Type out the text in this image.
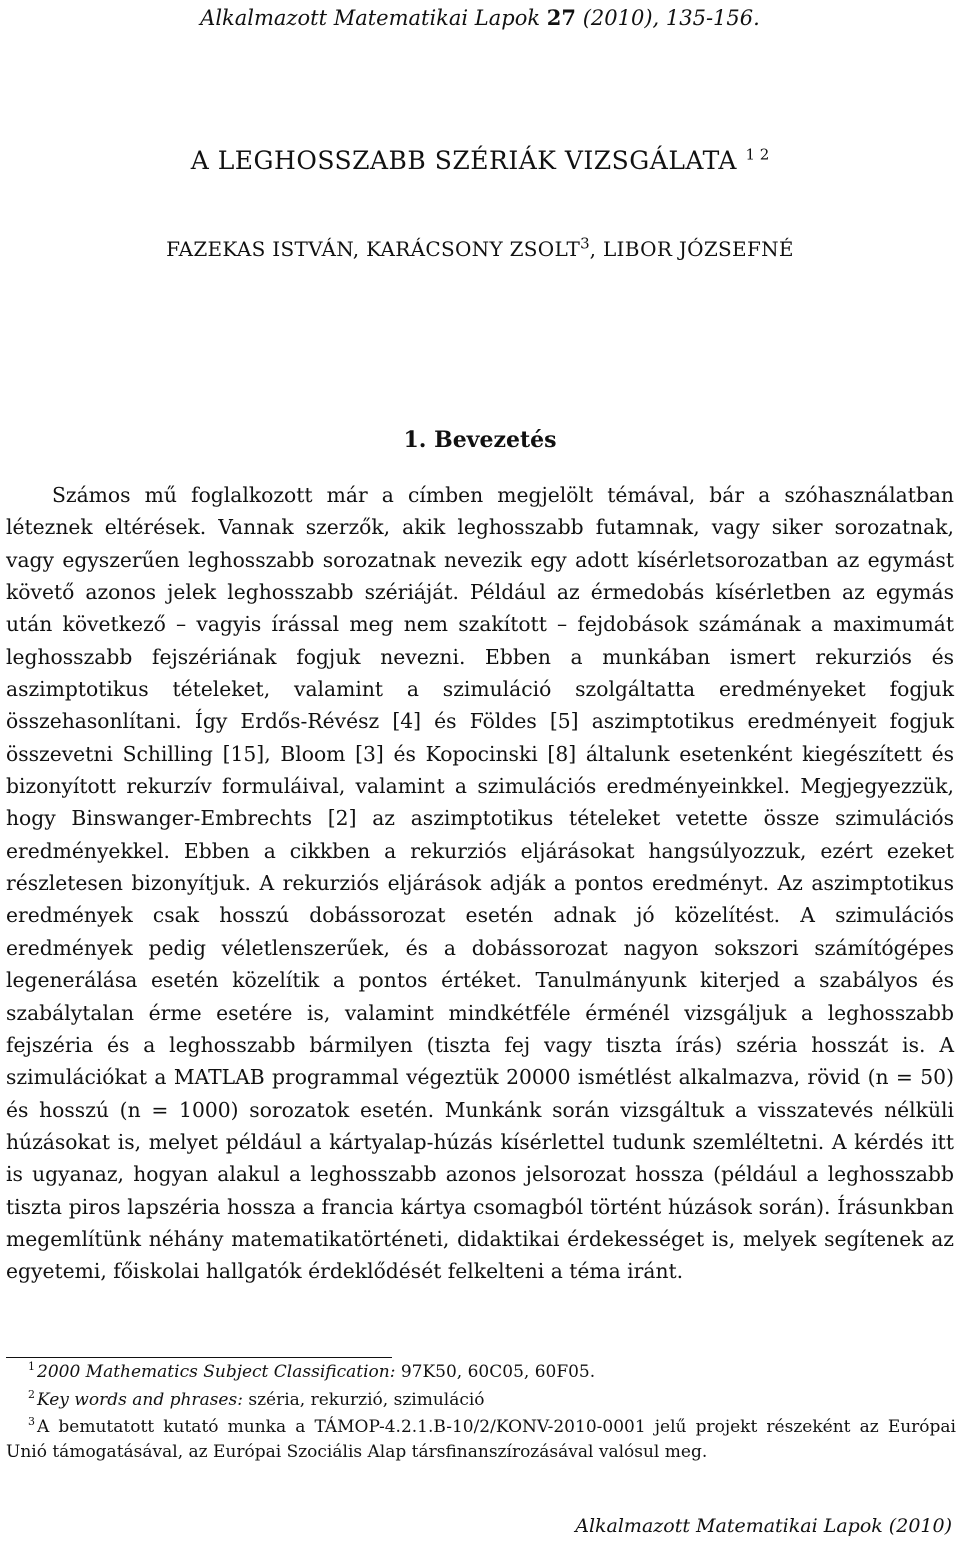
Alkalmazott Matematikai Lapok 27 (2010), 135-156.
A LEGHOSSZABB SZÉRIÁK VIZSGÁLATA $^{1 2}$
FAZEKAS ISTVÁN, KARÁCSONY ZSOLT$^3$, LIBOR JÓZSEFNÉ
1. Bevezetés

Számos mű foglalkozott már a címben megjelölt témával, bár a szóhasználatban léteznek eltérések. Vannak szerzők, akik leghosszabb futamnak, vagy siker sorozatnak, vagy egyszerűen leghosszabb sorozatnak nevezik egy adott kísérletsorozatban az egymást követő azonos jelek leghosszabb szériáját. Például az érmedobás kísérletben az egymás után következő – vagyis írással meg nem szakított – fejdobások számának a maximumát leghosszabb fejszériának fogjuk nevezni. Ebben a munkában ismert rekurziós és aszimptotikus tételeket, valamint a szimuláció szolgáltatta eredményeket fogjuk összehasonlítani. Így Erdős-Révész [4] és Földes [5] aszimptotikus eredményeit fogjuk összevetni Schilling [15], Bloom [3] és Kopocinski [8] általunk esetenként kiegészített és bizonyított rekurzív formuláival, valamint a szimulációs eredményeinkkel. Megjegyezzük, hogy Binswanger-Embrechts [2] az aszimptotikus tételeket vetette össze szimulációs eredményekkel. Ebben a cikkben a rekurziós eljárásokat hangsúlyozzuk, ezért ezeket részletesen bizonyítjuk. A rekurziós eljárások adják a pontos eredményt. Az aszimptotikus eredmények csak hosszú dobássorozat esetén adnak jó közelítést. A szimulációs eredmények pedig véletlenszerűek, és a dobássorozat nagyon sokszori számítógépes legenerálása esetén közelítik a pontos értéket. Tanulmányunk kiterjed a szabályos és szabálytalan érme esetére is, valamint mindkétféle érménél vizsgáljuk a leghosszabb fejszéria és a leghosszabb bármilyen (tiszta fej vagy tiszta írás) széria hosszát is. A szimulációkat a MATLAB programmal végeztük 20000 ismétlést alkalmazva, rövid (n = 50) és hosszú (n = 1000) sorozatok esetén. Munkánk során vizsgáltuk a visszatevés nélküli húzásokat is, melyet például a kártyalap-húzás kísérlettel tudunk szemléltetni. A kérdés itt is ugyanaz, hogyan alakul a leghosszabb azonos jelsorozat hossza (például a leghosszabb tiszta piros lapszéria hossza a francia kártya csomagból történt húzások során). Írásunkban megemlítünk néhány matematikatörténeti, didaktikai érdekességet is, melyek segítenek az egyetemi, főiskolai hallgatók érdeklődését felkelteni a téma iránt.

$^1$ 2000 Mathematics Subject Classification: 97K50, 60C05, 60F05.

$^2$ Key words and phrases: széria, rekurzió, szimuláció

$^3$ A bemutatott kutató munka a TÁMOP-4.2.1.B-10/2/KONV-2010-0001 jelű projekt részeként az Európai Unió támogatásával, az Európai Szociális Alap társfinanszírozásával valósul meg.

Alkalmazott Matematikai Lapok (2010)
